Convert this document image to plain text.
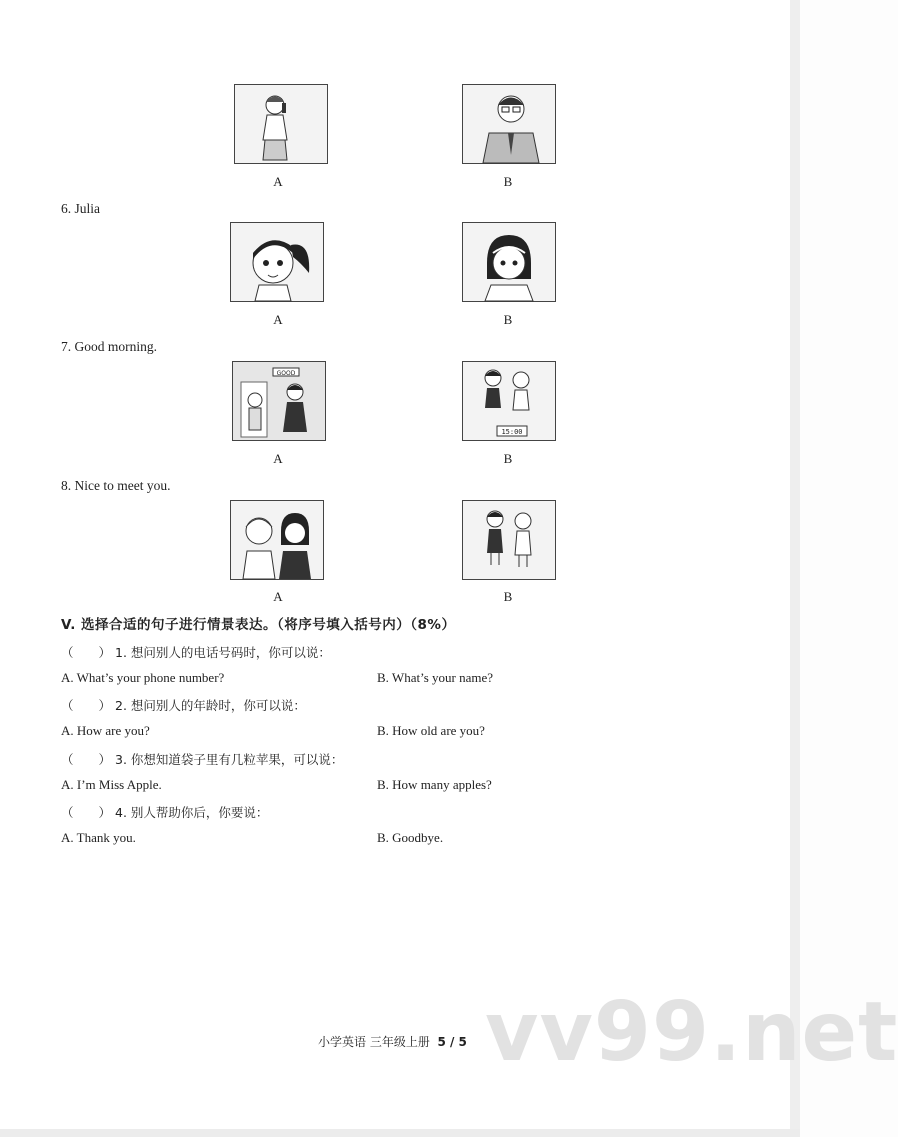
A	B
6. Julia
A	B
7. Good morning.
GOOD
15:00
A	B
8. Nice to meet you.
A	B
V. 选择合适的句子进行情景表达。（将序号填入括号内）（8%）
（　　） 1. 想问别人的电话号码时，你可以说：
A. What’s your phone number?	B. What’s your name?
（　　） 2. 想问别人的年龄时，你可以说：
A. How are you?	B. How old are you?
（　　） 3. 你想知道袋子里有几粒苹果，可以说：
A. I’m Miss Apple.	B. How many apples?
（　　） 4. 别人帮助你后，你要说：
A. Thank you.	B. Goodbye.
vv99.net
小学英语 三年级上册 5 / 5
